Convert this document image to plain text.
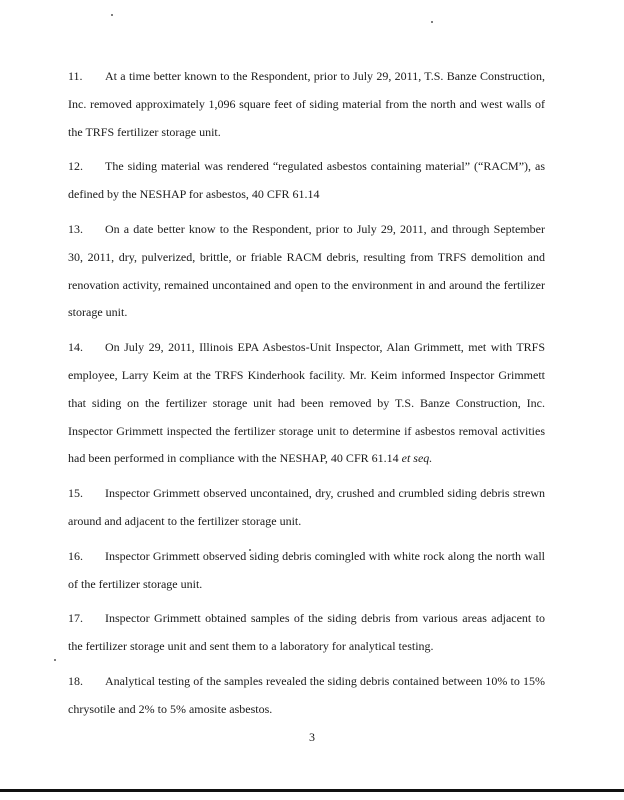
11. At a time better known to the Respondent, prior to July 29, 2011, T.S. Banze Construction, Inc. removed approximately 1,096 square feet of siding material from the north and west walls of the TRFS fertilizer storage unit.

12. The siding material was rendered “regulated asbestos containing material” (“RACM”), as defined by the NESHAP for asbestos, 40 CFR 61.14

13. On a date better know to the Respondent, prior to July 29, 2011, and through September 30, 2011, dry, pulverized, brittle, or friable RACM debris, resulting from TRFS demolition and renovation activity, remained uncontained and open to the environment in and around the fertilizer storage unit.

14. On July 29, 2011, Illinois EPA Asbestos-Unit Inspector, Alan Grimmett, met with TRFS employee, Larry Keim at the TRFS Kinderhook facility. Mr. Keim informed Inspector Grimmett that siding on the fertilizer storage unit had been removed by T.S. Banze Construction, Inc. Inspector Grimmett inspected the fertilizer storage unit to determine if asbestos removal activities had been performed in compliance with the NESHAP, 40 CFR 61.14 et seq.

15. Inspector Grimmett observed uncontained, dry, crushed and crumbled siding debris strewn around and adjacent to the fertilizer storage unit.

16. Inspector Grimmett observed siding debris comingled with white rock along the north wall of the fertilizer storage unit.

17. Inspector Grimmett obtained samples of the siding debris from various areas adjacent to the fertilizer storage unit and sent them to a laboratory for analytical testing.

18. Analytical testing of the samples revealed the siding debris contained between 10% to 15% chrysotile and 2% to 5% amosite asbestos.

3
